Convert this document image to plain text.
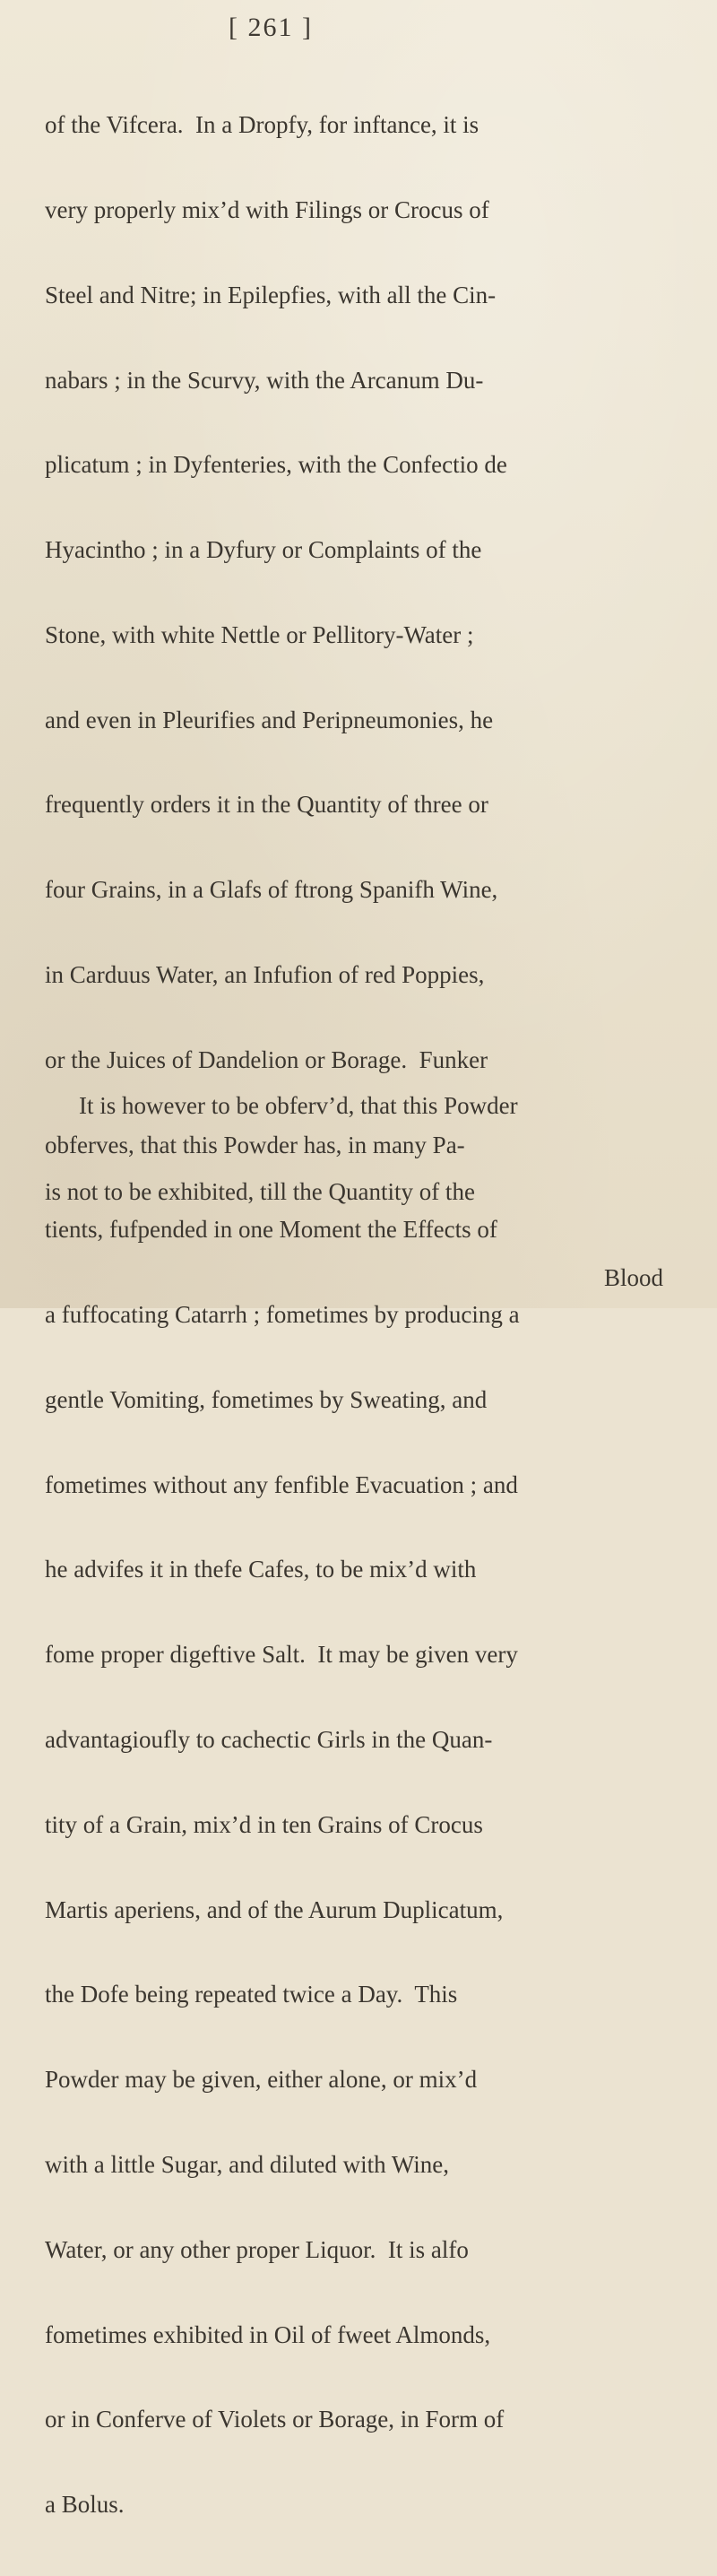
[ 261 ]

of the Vifcera.  In a Dropfy, for inftance, it is

very properly mix’d with Filings or Crocus of

Steel and Nitre; in Epilepfies, with all the Cin-

nabars ; in the Scurvy, with the Arcanum Du-

plicatum ; in Dyfenteries, with the Confectio de

Hyacintho ; in a Dyfury or Complaints of the

Stone, with white Nettle or Pellitory-Water ;

and even in Pleurifies and Peripneumonies, he

frequently orders it in the Quantity of three or

four Grains, in a Glafs of ftrong Spanifh Wine,

in Carduus Water, an Infufion of red Poppies,

or the Juices of Dandelion or Borage.  Funker

obferves, that this Powder has, in many Pa-

tients, fufpended in one Moment the Effects of

a fuffocating Catarrh ; fometimes by producing a

gentle Vomiting, fometimes by Sweating, and

fometimes without any fenfible Evacuation ; and

he advifes it in thefe Cafes, to be mix’d with

fome proper digeftive Salt.  It may be given very

advantagioufly to cachectic Girls in the Quan-

tity of a Grain, mix’d in ten Grains of Crocus

Martis aperiens, and of the Aurum Duplicatum,

the Dofe being repeated twice a Day.  This

Powder may be given, either alone, or mix’d

with a little Sugar, and diluted with Wine,

Water, or any other proper Liquor.  It is alfo

fometimes exhibited in Oil of fweet Almonds,

or in Conferve of Violets or Borage, in Form of

a Bolus.

It is however to be obferv’d, that this Powder

is not to be exhibited, till the Quantity of the

Blood
